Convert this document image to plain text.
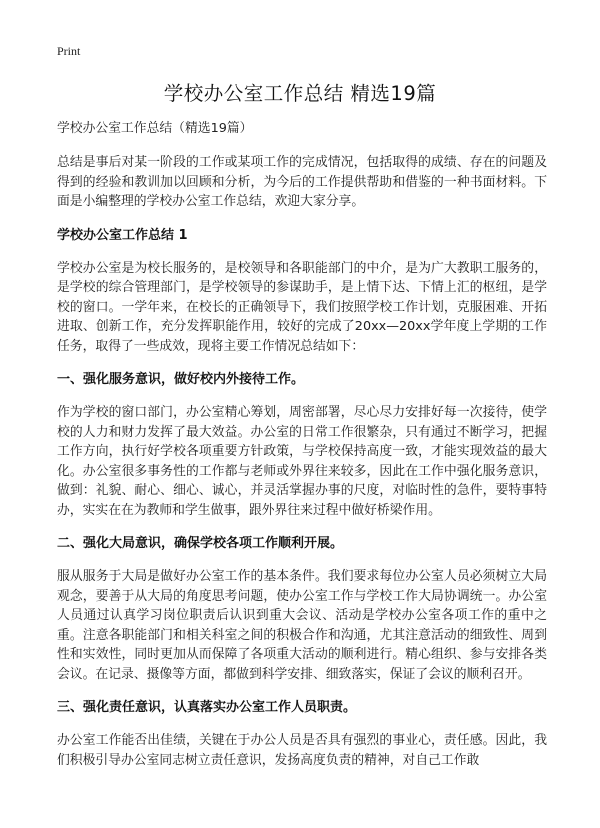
Print
学校办公室工作总结 精选19篇

学校办公室工作总结（精选19篇）

总结是事后对某一阶段的工作或某项工作的完成情况，包括取得的成绩、存在的问题及得到的经验和教训加以回顾和分析，为今后的工作提供帮助和借鉴的一种书面材料。下面是小编整理的学校办公室工作总结，欢迎大家分享。

学校办公室工作总结 1

学校办公室是为校长服务的，是校领导和各职能部门的中介，是为广大教职工服务的，是学校的综合管理部门，是学校领导的参谋助手，是上情下达、下情上汇的枢纽，是学校的窗口。一学年来，在校长的正确领导下，我们按照学校工作计划，克服困难、开拓进取、创新工作，充分发挥职能作用，较好的完成了20xx—20xx学年度上学期的工作任务，取得了一些成效，现将主要工作情况总结如下：

一、强化服务意识，做好校内外接待工作。

作为学校的窗口部门，办公室精心筹划，周密部署，尽心尽力安排好每一次接待，使学校的人力和财力发挥了最大效益。办公室的日常工作很繁杂，只有通过不断学习，把握工作方向，执行好学校各项重要方针政策，与学校保持高度一致，才能实现效益的最大化。办公室很多事务性的工作都与老师或外界往来较多，因此在工作中强化服务意识，做到：礼貌、耐心、细心、诚心，并灵活掌握办事的尺度，对临时性的急件，要特事特办，实实在在为教师和学生做事，跟外界往来过程中做好桥梁作用。

二、强化大局意识，确保学校各项工作顺利开展。

服从服务于大局是做好办公室工作的基本条件。我们要求每位办公室人员必须树立大局观念，要善于从大局的角度思考问题，使办公室工作与学校工作大局协调统一。办公室人员通过认真学习岗位职责后认识到重大会议、活动是学校办公室各项工作的重中之重。注意各职能部门和相关科室之间的积极合作和沟通，尤其注意活动的细致性、周到性和实效性，同时更加从而保障了各项重大活动的顺利进行。精心组织、参与安排各类会议。在记录、摄像等方面，都做到科学安排、细致落实，保证了会议的顺利召开。

三、强化责任意识，认真落实办公室工作人员职责。

办公室工作能否出佳绩，关键在于办公人员是否具有强烈的事业心，责任感。因此，我们积极引导办公室同志树立责任意识，发扬高度负责的精神，对自己工作敢
